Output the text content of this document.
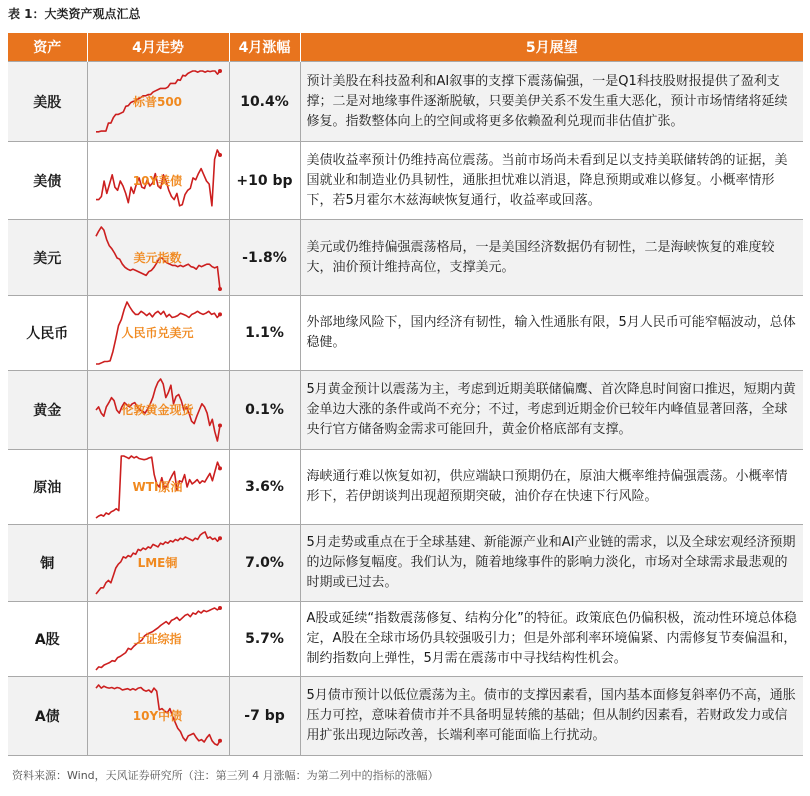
表 1：大类资产观点汇总
资产	4月走势	4月涨幅	5月展望
美股	标普500	10.4%	预计美股在科技盈利和AI叙事的支撑下震荡偏强，一是Q1科技股财报提供了盈利支撑；二是对地缘事件逐渐脱敏，只要美伊关系不发生重大恶化，预计市场情绪将延续修复。指数整体向上的空间或将更多依赖盈利兑现而非估值扩张。
美债	10Y美债	+10 bp	美债收益率预计仍维持高位震荡。当前市场尚未看到足以支持美联储转鸽的证据，美国就业和制造业仍具韧性，通胀担忧难以消退，降息预期或难以修复。小概率情形下，若5月霍尔木兹海峡恢复通行，收益率或回落。
美元	美元指数	-1.8%	美元或仍维持偏强震荡格局，一是美国经济数据仍有韧性，二是海峡恢复的难度较大，油价预计维持高位，支撑美元。
人民币	人民币兑美元	1.1%	外部地缘风险下，国内经济有韧性，输入性通胀有限，5月人民币可能窄幅波动，总体稳健。
黄金	伦敦黄金现货	0.1%	5月黄金预计以震荡为主，考虑到近期美联储偏鹰、首次降息时间窗口推迟，短期内黄金单边大涨的条件或尚不充分；不过，考虑到近期金价已较年内峰值显著回落，全球央行官方储备购金需求可能回升，黄金价格底部有支撑。
原油	WTI原油	3.6%	海峡通行难以恢复如初，供应端缺口预期仍在，原油大概率维持偏强震荡。小概率情形下，若伊朗谈判出现超预期突破，油价存在快速下行风险。
铜	LME铜	7.0%	5月走势或重点在于全球基建、新能源产业和AI产业链的需求，以及全球宏观经济预期的边际修复幅度。我们认为，随着地缘事件的影响力淡化，市场对全球需求最悲观的时期或已过去。
A股	上证综指	5.7%	A股或延续“指数震荡修复、结构分化”的特征。政策底色仍偏积极，流动性环境总体稳定，A股在全球市场仍具较强吸引力；但是外部利率环境偏紧、内需修复节奏偏温和，制约指数向上弹性，5月需在震荡市中寻找结构性机会。
A债	10Y中债	-7 bp	5月债市预计以低位震荡为主。债市的支撑因素看，国内基本面修复斜率仍不高，通胀压力可控，意味着债市并不具备明显转熊的基础；但从制约因素看，若财政发力或信用扩张出现边际改善，长端利率可能面临上行扰动。
资料来源：Wind，天风证券研究所（注：第三列 4 月涨幅：为第二列中的指标的涨幅）
